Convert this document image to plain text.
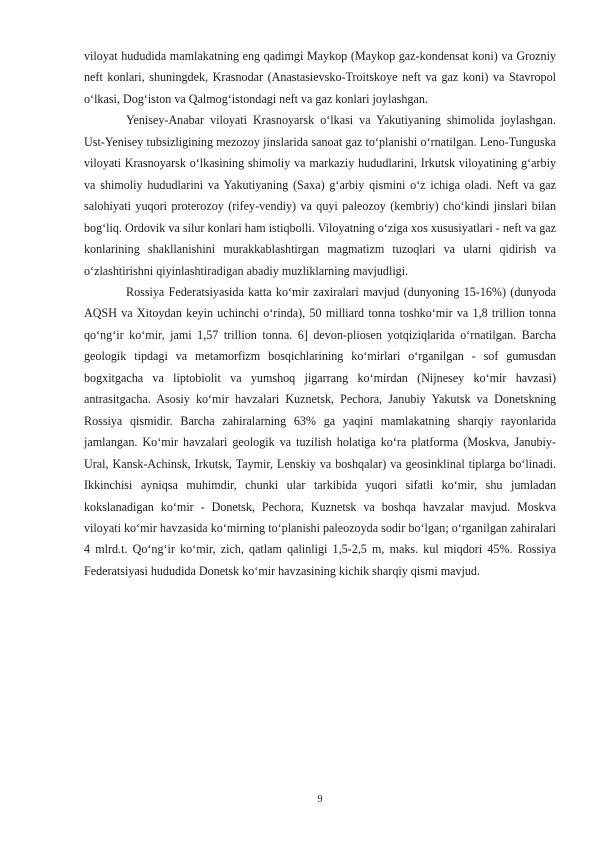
viloyat hududida mamlakatning eng qadimgi Maykop (Maykop gaz-kondensat koni) va Grozniy neft konlari, shuningdek, Krasnodar (Anastasievsko-Troitskoye neft va gaz koni) va Stavropol o‘lkasi, Dog‘iston va Qalmog‘istondagi neft va gaz konlari joylashgan.

Yenisey-Anabar viloyati Krasnoyarsk o‘lkasi va Yakutiyaning shimolida joylashgan. Ust-Yenisey tubsizligining mezozoy jinslarida sanoat gaz to‘planishi o‘rnatilgan. Leno-Tunguska viloyati Krasnoyarsk o‘lkasining shimoliy va markaziy hududlarini, Irkutsk viloyatining g‘arbiy va shimoliy hududlarini va Yakutiyaning (Saxa) g‘arbiy qismini o‘z ichiga oladi. Neft va gaz salohiyati yuqori proterozoy (rifey-vendiy) va quyi paleozoy (kembriy) cho‘kindi jinslari bilan bog‘liq. Ordovik va silur konlari ham istiqbolli. Viloyatning o‘ziga xos xususiyatlari - neft va gaz konlarining shakllanishini murakkablashtirgan magmatizm tuzoqlari va ularni qidirish va o‘zlashtirishni qiyinlashtiradigan abadiy muzliklarning mavjudligi.

Rossiya Federatsiyasida katta ko‘mir zaxiralari mavjud (dunyoning 15-16%) (dunyoda AQSH va Xitoydan keyin uchinchi o‘rinda), 50 milliard tonna toshko‘mir va 1,8 trillion tonna qo‘ng‘ir ko‘mir, jami 1,57 trillion tonna. 6] devon-pliosen yotqiziqlarida o‘rnatilgan. Barcha geologik tipdagi va metamorfizm bosqichlarining ko‘mirlari o‘rganilgan - sof gumusdan bogxitgacha va liptobiolit va yumshoq jigarrang ko‘mirdan (Nijnesey ko‘mir havzasi) antrasitgacha. Asosiy ko‘mir havzalari Kuznetsk, Pechora, Janubiy Yakutsk va Donetskning Rossiya qismidir. Barcha zahiralarning 63% ga yaqini mamlakatning sharqiy rayonlarida jamlangan. Ko‘mir havzalari geologik va tuzilish holatiga ko‘ra platforma (Moskva, Janubiy-Ural, Kansk-Achinsk, Irkutsk, Taymir, Lenskiy va boshqalar) va geosinklinal tiplarga bo‘linadi. Ikkinchisi ayniqsa muhimdir, chunki ular tarkibida yuqori sifatli ko‘mir, shu jumladan kokslanadigan ko‘mir - Donetsk, Pechora, Kuznetsk va boshqa havzalar mavjud. Moskva viloyati ko‘mir havzasida ko‘mirning to‘planishi paleozoyda sodir bo‘lgan; o‘rganilgan zahiralari 4 mlrd.t. Qo‘ng‘ir ko‘mir, zich, qatlam qalinligi 1,5-2,5 m, maks. kul miqdori 45%. Rossiya Federatsiyasi hududida Donetsk ko‘mir havzasining kichik sharqiy qismi mavjud.

9
